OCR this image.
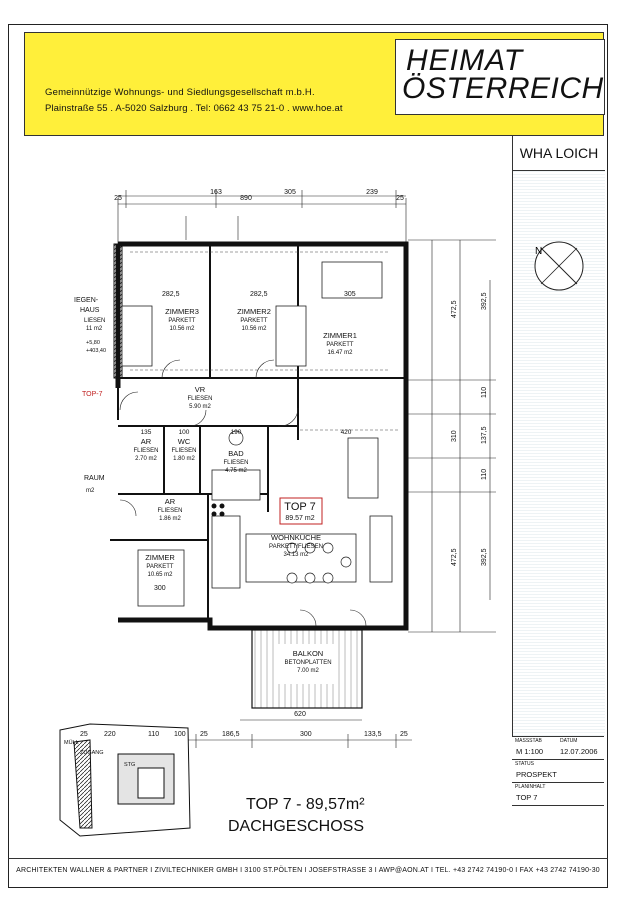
Gemeinnützige Wohnungs- und Siedlungsgesellschaft m.b.H.
Plainstraße 55 . A-5020 Salzburg . Tel: 0662 43 75 21-0 . www.hoe.at
HEIMAT
ÖSTERREICH
WHA LOICH
N
890
25
163	305	239
25
282,5	282,5	305
ZIMMER3
PARKETT
10.56 m2
ZIMMER2
PARKETT
10.56 m2
ZIMMER1
PARKETT
16.47 m2
VR
FLIESEN
5.90 m2
135	100	190	420
AR
FLIESEN
2.70 m2
WC
FLIESEN
1.80 m2
BAD
FLIESEN
4.75 m2
AR
FLIESEN
1.86 m2
ZIMMER
PARKETT
10.65 m2
300
TOP 7
89.57 m2
WOHNKÜCHE
PARKETT/FLIESEN
34.13 m2
BALKON
BETONPLATTEN
7.00 m2
IEGEN-
HAUS
LIESEN
11 m2
+5,80
+403,40
TOP-7
RAUM
m2
472,5	392,5
110
310	137,5
110
472,5	392,5
620
25 220	110 100 25 186,5	300	133,5	25
MÜLL
ZUGANG
STG
MASSSTAB	DATUM
M 1:100 12.07.2006
STATUS
PROSPEKT
PLANINHALT
TOP 7
TOP 7 - 89,57m²
DACHGESCHOSS
ARCHITEKTEN WALLNER & PARTNER I ZIVILTECHNIKER GMBH I 3100 ST.PÖLTEN I JOSEFSTRASSE 3 I AWP@AON.AT I TEL. +43 2742 74190-0 I FAX +43 2742 74190-30
